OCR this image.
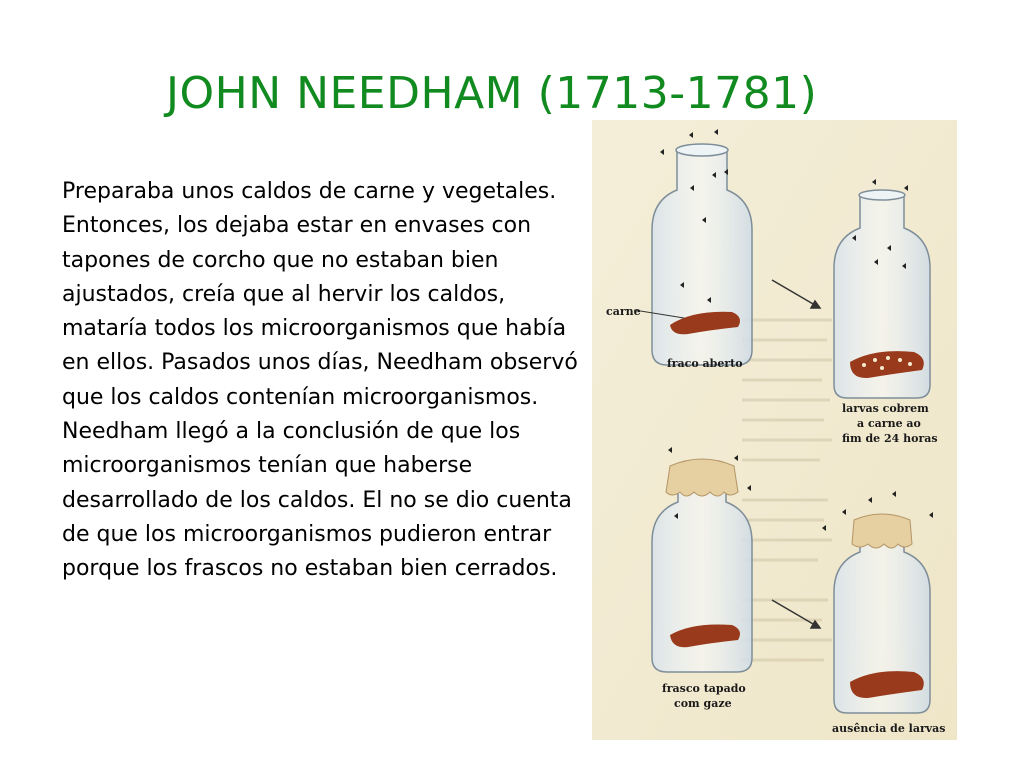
JOHN NEEDHAM (1713-1781)
Preparaba unos caldos de carne y vegetales. Entonces, los dejaba estar en envases con tapones de corcho que no estaban bien ajustados, creía que al hervir los caldos, mataría todos los microorganismos que había en ellos. Pasados unos días, Needham observó que los caldos contenían microorganismos. Needham llegó a la conclusión de que los microorganismos tenían que haberse desarrollado de los caldos. El no se dio cuenta de que los microorganismos pudieron entrar porque los frascos no estaban bien cerrados.
carne
fraco aberto
larvas cobrem
a carne ao
fim de 24 horas
frasco tapado
com gaze
ausência de larvas
